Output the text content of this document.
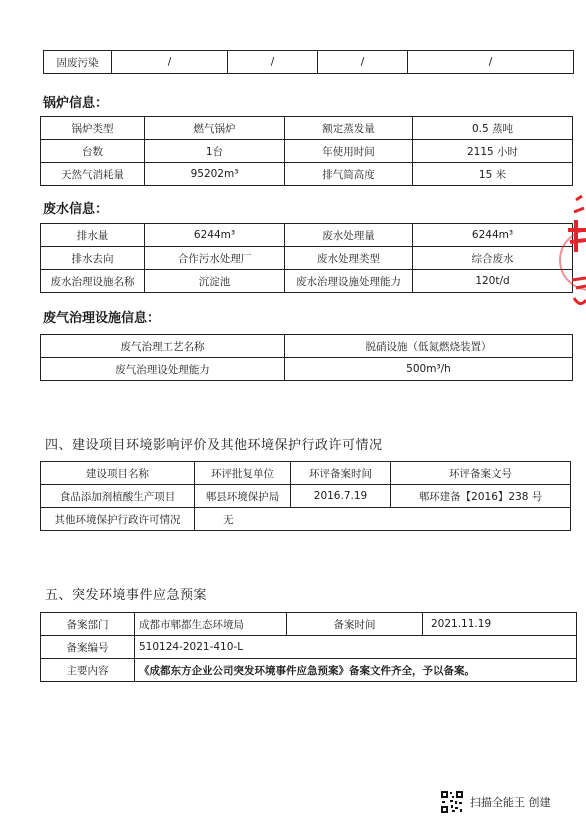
固废污染	/	/	/	/
锅炉信息：
锅炉类型	燃气锅炉	额定蒸发量	0.5 蒸吨
台数	1台	年使用时间	2115 小时
天然气消耗量	95202m³	排气筒高度	15 米
废水信息：
排水量	6244m³	废水处理量	6244m³
排水去向	合作污水处理厂	废水处理类型	综合废水
废水治理设施名称	沉淀池	废水治理设施处理能力	120t/d
废气治理设施信息：
废气治理工艺名称	脱硝设施（低氮燃烧装置）
废气治理设处理能力	500m³/h
四、建设项目环境影响评价及其他环境保护行政许可情况
建设项目名称	环评批复单位	环评备案时间	环评备案文号
食品添加剂植酸生产项目	郫县环境保护局	2016.7.19	郫环建备【2016】238 号
其他环境保护行政许可情况	无		
五、突发环境事件应急预案
备案部门	成都市郫都生态环境局	备案时间	2021.11.19
备案编号	510124-2021-410-L		
主要内容	《成都东方企业公司突发环境事件应急预案》备案文件齐全，予以备案。		
扫描全能王 创建
